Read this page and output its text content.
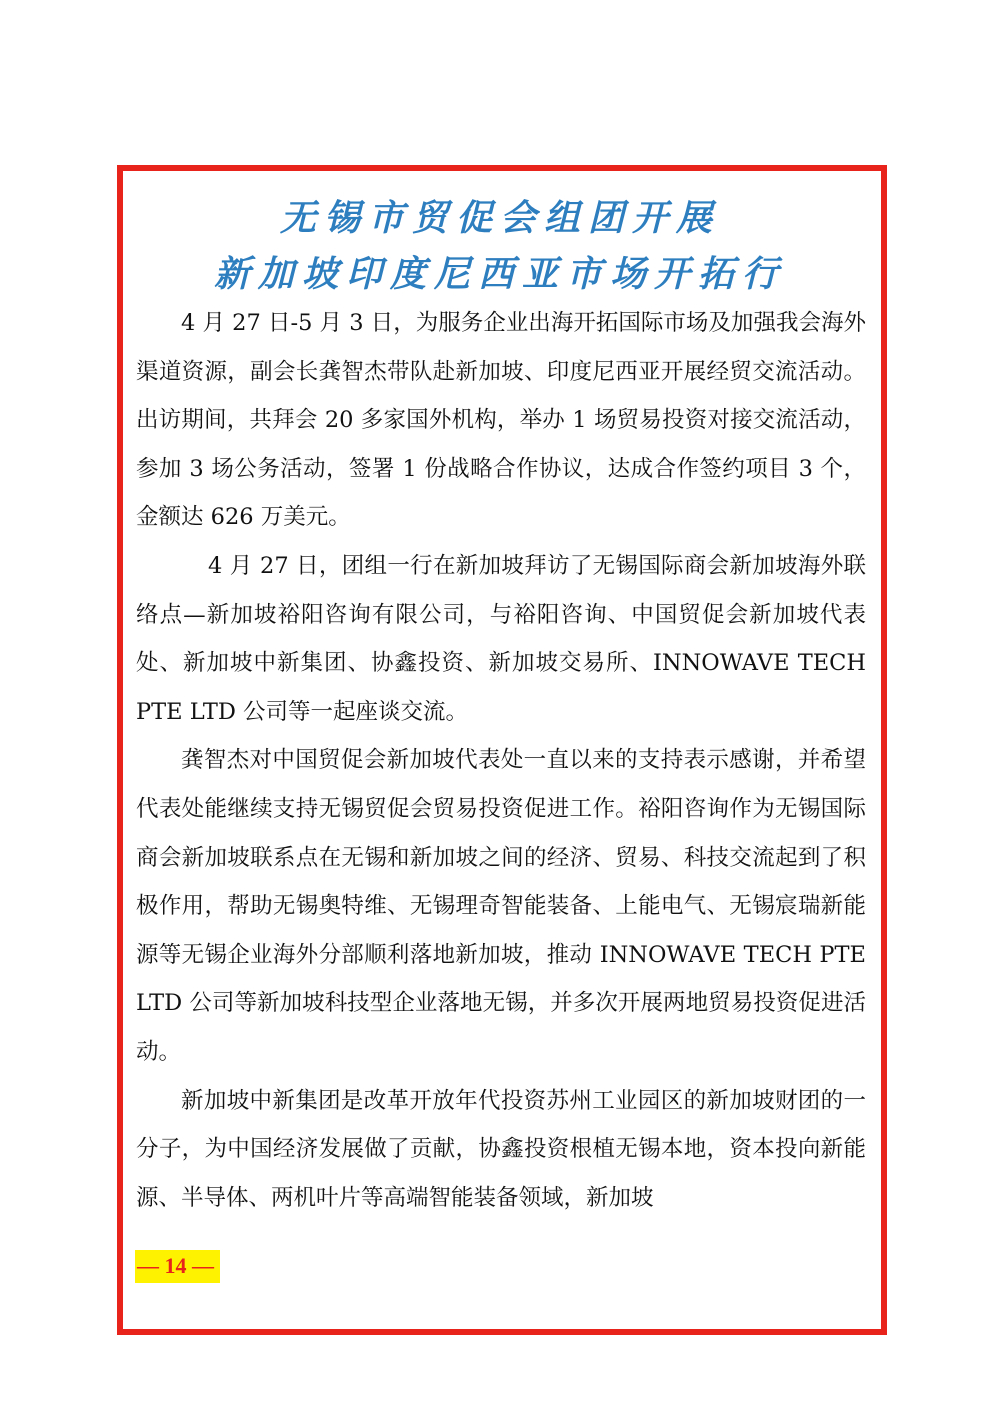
无锡市贸促会组团开展
新加坡印度尼西亚市场开拓行

4 月 27 日-5 月 3 日，为服务企业出海开拓国际市场及加强我会海外渠道资源，副会长龚智杰带队赴新加坡、印度尼西亚开展经贸交流活动。出访期间，共拜会 20 多家国外机构，举办 1 场贸易投资对接交流活动，参加 3 场公务活动，签署 1 份战略合作协议，达成合作签约项目 3 个，金额达 626 万美元。

4 月 27 日，团组一行在新加坡拜访了无锡国际商会新加坡海外联络点—新加坡裕阳咨询有限公司，与裕阳咨询、中国贸促会新加坡代表处、新加坡中新集团、协鑫投资、新加坡交易所、INNOWAVE TECH PTE LTD 公司等一起座谈交流。

龚智杰对中国贸促会新加坡代表处一直以来的支持表示感谢，并希望代表处能继续支持无锡贸促会贸易投资促进工作。裕阳咨询作为无锡国际商会新加坡联系点在无锡和新加坡之间的经济、贸易、科技交流起到了积极作用，帮助无锡奥特维、无锡理奇智能装备、上能电气、无锡宸瑞新能源等无锡企业海外分部顺利落地新加坡，推动 INNOWAVE TECH PTE LTD 公司等新加坡科技型企业落地无锡，并多次开展两地贸易投资促进活动。

新加坡中新集团是改革开放年代投资苏州工业园区的新加坡财团的一分子，为中国经济发展做了贡献，协鑫投资根植无锡本地，资本投向新能源、半导体、两机叶片等高端智能装备领域，新加坡

— 14 —
